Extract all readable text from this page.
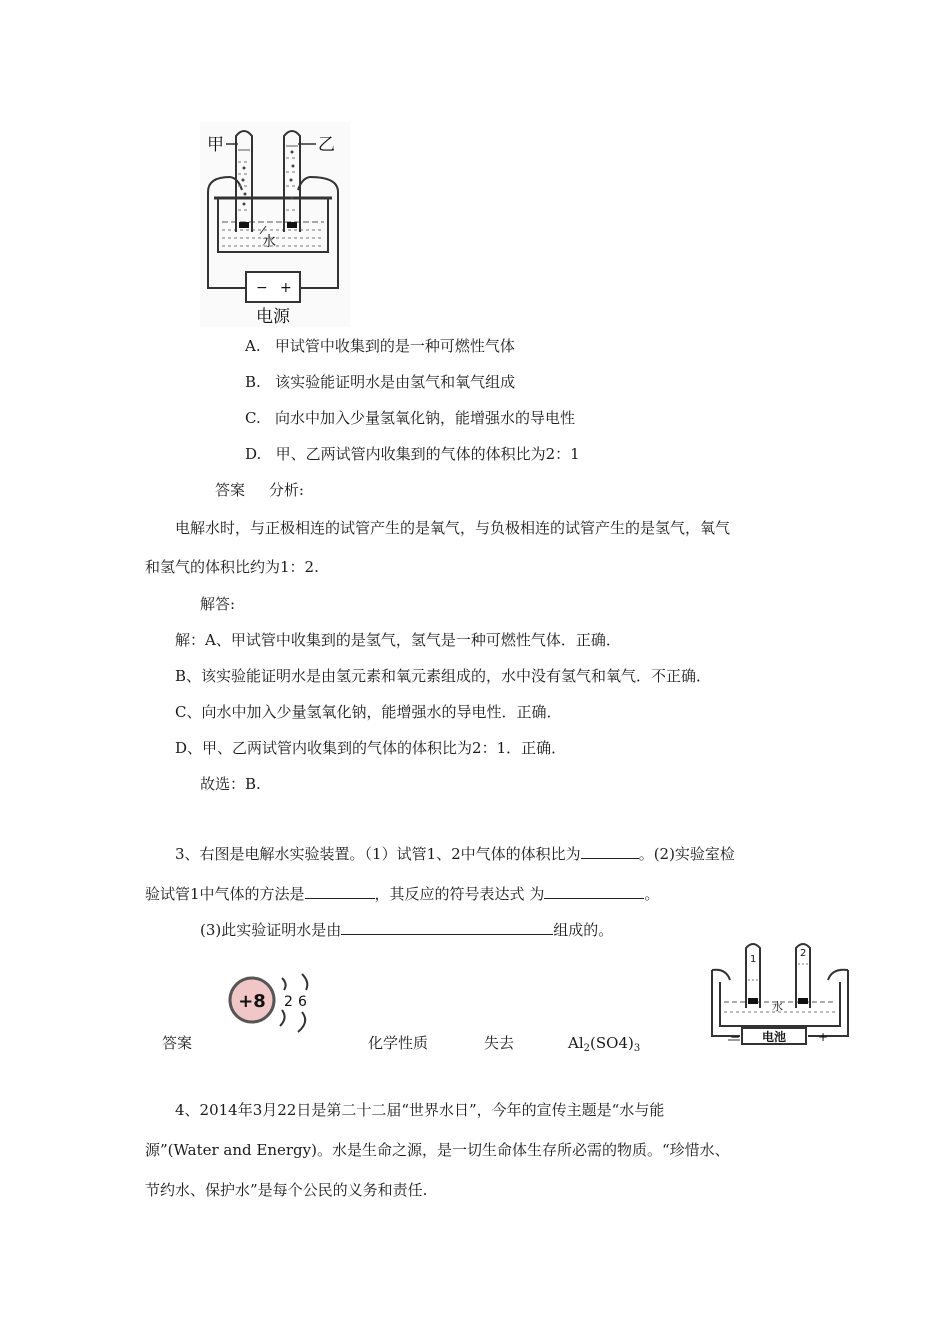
甲	乙
水
− +
电源
A. 甲试管中收集到的是一种可燃性气体
B. 该实验能证明水是由氢气和氧气组成
C. 向水中加入少量氢氧化钠，能增强水的导电性
D. 甲、乙两试管内收集到的气体的体积比为2：1
答案 分析:
电解水时，与正极相连的试管产生的是氧气，与负极相连的试管产生的是氢气，氧气
和氢气的体积比约为1：2.
解答:
解：A、甲试管中收集到的是氢气，氢气是一种可燃性气体．正确．
B、该实验能证明水是由氢元素和氧元素组成的，水中没有氢气和氧气．不正确．
C、向水中加入少量氢氧化钠，能增强水的导电性．正确．
D、甲、乙两试管内收集到的气体的体积比为2：1．正确．
故选：B.
3、右图是电解水实验装置。（1）试管1、2中气体的体积比为	。(2)实验室检
验试管1中气体的方法是	，其反应的符号表达式 为	。
(3)此实验证明水是由	组成的。
+8 2 6
答案	化学性质	失去	$Al_2(SO4)_3$
1
2
水
− 电池	+
4、2014年3月22日是第二十二届“世界水日”，今年的宣传主题是“水与能
源”(Water and Energy)。水是生命之源，是一切生命体生存所必需的物质。“珍惜水、
节约水、保护水”是每个公民的义务和责任.
